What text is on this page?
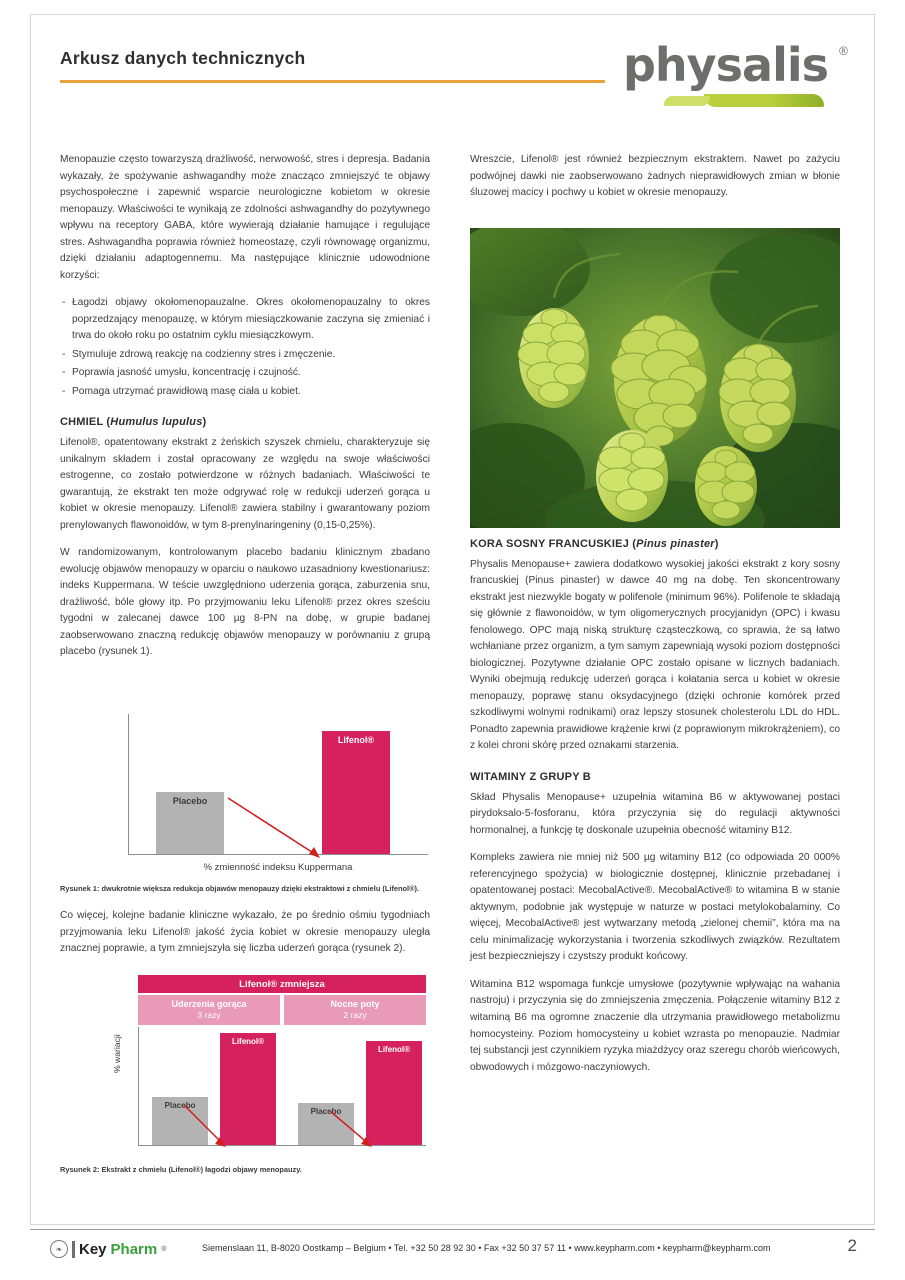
Arkusz danych technicznych	physalis ®

Menopauzie często towarzyszą drażliwość, nerwowość, stres i depresja. Badania wykazały, że spożywanie ashwagandhy może znacząco zmniejszyć te objawy psychospołeczne i zapewnić wsparcie neurologiczne kobietom w okresie menopauzy. Właściwości te wynikają ze zdolności ashwagandhy do pozytywnego wpływu na receptory GABA, które wywierają działanie hamujące i regulujące stres. Ashwagandha poprawia również homeostazę, czyli równowagę organizmu, dzięki działaniu adaptogennemu. Ma następujące klinicznie udowodnione korzyści:

- Łagodzi objawy okołomenopauzalne. Okres okołomenopauzalny to okres poprzedzający menopauzę, w którym miesiączkowanie zaczyna się zmieniać i trwa do około roku po ostatnim cyklu miesiączkowym.
- Stymuluje zdrową reakcję na codzienny stres i zmęczenie.
- Poprawia jasność umysłu, koncentrację i czujność.
- Pomaga utrzymać prawidłową masę ciała u kobiet.
CHMIEL (Humulus lupulus)

Lifenol®, opatentowany ekstrakt z żeńskich szyszek chmielu, charakteryzuje się unikalnym składem i został opracowany ze względu na swoje właściwości estrogenne, co zostało potwierdzone w różnych badaniach. Właściwości te gwarantują, że ekstrakt ten może odgrywać rolę w redukcji uderzeń gorąca u kobiet w okresie menopauzy. Lifenol® zawiera stabilny i gwarantowany poziom prenylowanych flawonoidów, w tym 8-prenylnaringeniny (0,15-0,25%).

W randomizowanym, kontrolowanym placebo badaniu klinicznym zbadano ewolucję objawów menopauzy w oparciu o naukowo uzasadniony kwestionariusz: indeks Kuppermana. W teście uwzględniono uderzenia gorąca, zaburzenia snu, drażliwość, bóle głowy itp. Po przyjmowaniu leku Lifenol® przez okres sześciu tygodni w zalecanej dawce 100 µg 8-PN na dobę, w grupie badanej zaobserwowano znaczną redukcję objawów menopauzy w porównaniu z grupą placebo (rysunek 1).

Placebo
Lifenol®
% zmienność indeksu Kuppermana
Rysunek 1: dwukrotnie większa redukcja objawów menopauzy dzięki ekstraktowi z chmielu (Lifenol®).

Co więcej, kolejne badanie kliniczne wykazało, że po średnio ośmiu tygodniach przyjmowania leku Lifenol® jakość życia kobiet w okresie menopauzy uległa znacznej poprawie, a tym zmniejszyła się liczba uderzeń gorąca (rysunek 2).

Lifenol® zmniejsza
Uderzenia gorąca
3 razy
Nocne poty
2 razy
% wariacji
Placebo
Lifenol®
Placebo
Lifenol®
Rysunek 2: Ekstrakt z chmielu (Lifenol®) łagodzi objawy menopauzy.

Wreszcie, Lifenol® jest również bezpiecznym ekstraktem. Nawet po zażyciu podwójnej dawki nie zaobserwowano żadnych nieprawidłowych zmian w błonie śluzowej macicy i pochwy u kobiet w okresie menopauzy.

KORA SOSNY FRANCUSKIEJ (Pinus pinaster)

Physalis Menopause+ zawiera dodatkowo wysokiej jakości ekstrakt z kory sosny francuskiej (Pinus pinaster) w dawce 40 mg na dobę. Ten skoncentrowany ekstrakt jest niezwykle bogaty w polifenole (minimum 96%). Polifenole te składają się głównie z flawonoidów, w tym oligomerycznych procyjanidyn (OPC) i kwasu fenolowego. OPC mają niską strukturę cząsteczkową, co sprawia, że są łatwo wchłaniane przez organizm, a tym samym zapewniają wysoki poziom dostępności biologicznej. Pozytywne działanie OPC zostało opisane w licznych badaniach. Wyniki obejmują redukcję uderzeń gorąca i kołatania serca u kobiet w okresie menopauzy, poprawę stanu oksydacyjnego (dzięki ochronie komórek przed szkodliwymi wolnymi rodnikami) oraz lepszy stosunek cholesterolu LDL do HDL. Ponadto zapewnia prawidłowe krążenie krwi (z poprawionym mikrokrążeniem), co z kolei chroni skórę przed oznakami starzenia.

WITAMINY Z GRUPY B

Skład Physalis Menopause+ uzupełnia witamina B6 w aktywowanej postaci pirydoksalo-5-fosforanu, która przyczynia się do regulacji aktywności hormonalnej, a funkcję tę doskonale uzupełnia obecność witaminy B12.

Kompleks zawiera nie mniej niż 500 µg witaminy B12 (co odpowiada 20 000% referencyjnego spożycia) w biologicznie dostępnej, klinicznie przebadanej i opatentowanej postaci: MecobalActive®. MecobalActive® to witamina B w stanie aktywnym, podobnie jak występuje w naturze w postaci metylokobalaminy. Co więcej, MecobalActive® jest wytwarzany metodą „zielonej chemii”, która ma na celu minimalizację wykorzystania i tworzenia szkodliwych związków. Rezultatem jest bezpieczniejszy i czystszy produkt końcowy.

Witamina B12 wspomaga funkcje umysłowe (pozytywnie wpływając na wahania nastroju) i przyczynia się do zmniejszenia zmęczenia. Połączenie witaminy B12 z witaminą B6 ma ogromne znaczenie dla utrzymania prawidłowego metabolizmu homocysteiny. Poziom homocysteiny u kobiet wzrasta po menopauzie. Nadmiar tej substancji jest czynnikiem ryzyka miażdżycy oraz szeregu chorób wieńcowych, obwodowych i mózgowo-naczyniowych.

❧	Key Pharm ®	Siemenslaan 11, B-8020 Oostkamp – Belgium • Tel. +32 50 28 92 30 • Fax +32 50 37 57 11 • www.keypharm.com • keypharm@keypharm.com	2
